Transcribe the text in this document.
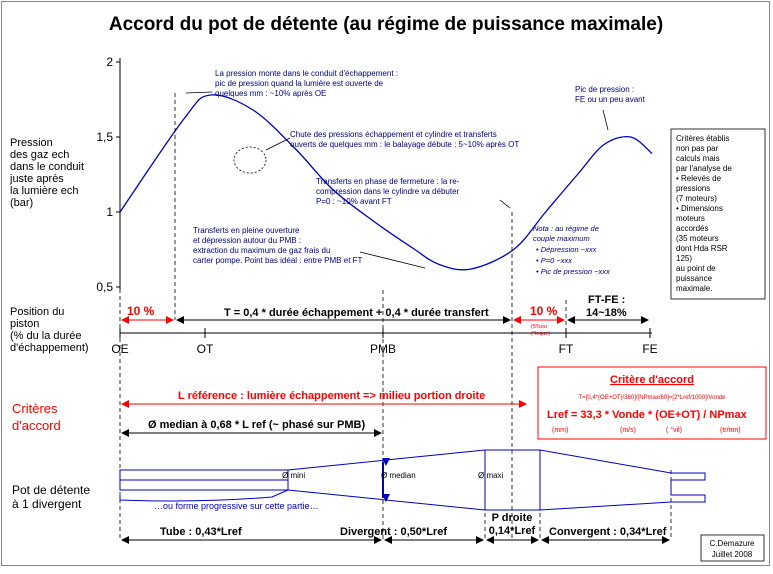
Accord du pot de détente (au régime de puissance maximale)
2
1,5
1
0,5
Pression
des gaz ech
dans le conduit
juste après
la lumière ech
(bar)
La pression monte dans le conduit d'échappement :
pic de pression quand la lumière est ouverte de
quelques mm : ~10% après OE
Chute des pressions échappement et cylindre et transferts
ouverts de quelques mm : le balayage débute : 5~10% après OT
Transferts en phase de fermeture : la re-
compression dans le cylindre va débuter
P=0 : ~10% avant FT
Pic de pression :
FE ou un peu avant
Transferts en pleine ouverture
et dépression autour du PMB :
extraction du maximum de gaz frais du
carter pompe. Point bas idéal : entre PMB et FT
Nota : au régime de
couple maximum
• Dépression ~xxx
• P=0 ~xxx
• Pic de pression ~xxx
Critères établis
non pas par
calculs mais
par l'analyse de
• Relevés de
pressions
(7 moteurs)
• Dimensions
moteurs
accordés
(35 moteurs
dont Hda RSR
125)
au point de
puissance
maximale.
Position du
piston
(% du la durée
d'échappement)
10 %	T = 0,4 * durée échappement + 0,4 * durée transfert	10 %
(5%ou
(*leque)
FT-FE :
14~18%
OE	OT	PMB	FT	FE
Critères
d'accord
L référence : lumière échappement => milieu portion droite
Ø median à 0,68 * L ref (~ phasé sur PMB)
Critère d'accord
T=[0,4*(OE+OT)/360]/[NPmax/60]=[2*Lref/1000]/Vonde
Lref = 33,3 * Vonde * (OE+OT) / NPmax
(mm)	(m/s)	( °vil)	(tr/mn)
Pot de détente
à 1 divergent
Ø mini	Ø median	Ø maxi
…ou forme progressive sur cette partie…
Tube : 0,43*Lref	Divergent : 0,50*Lref
P droite
0,14*Lref Convergent : 0,34*Lref
C.Demazure
Juillet 2008
